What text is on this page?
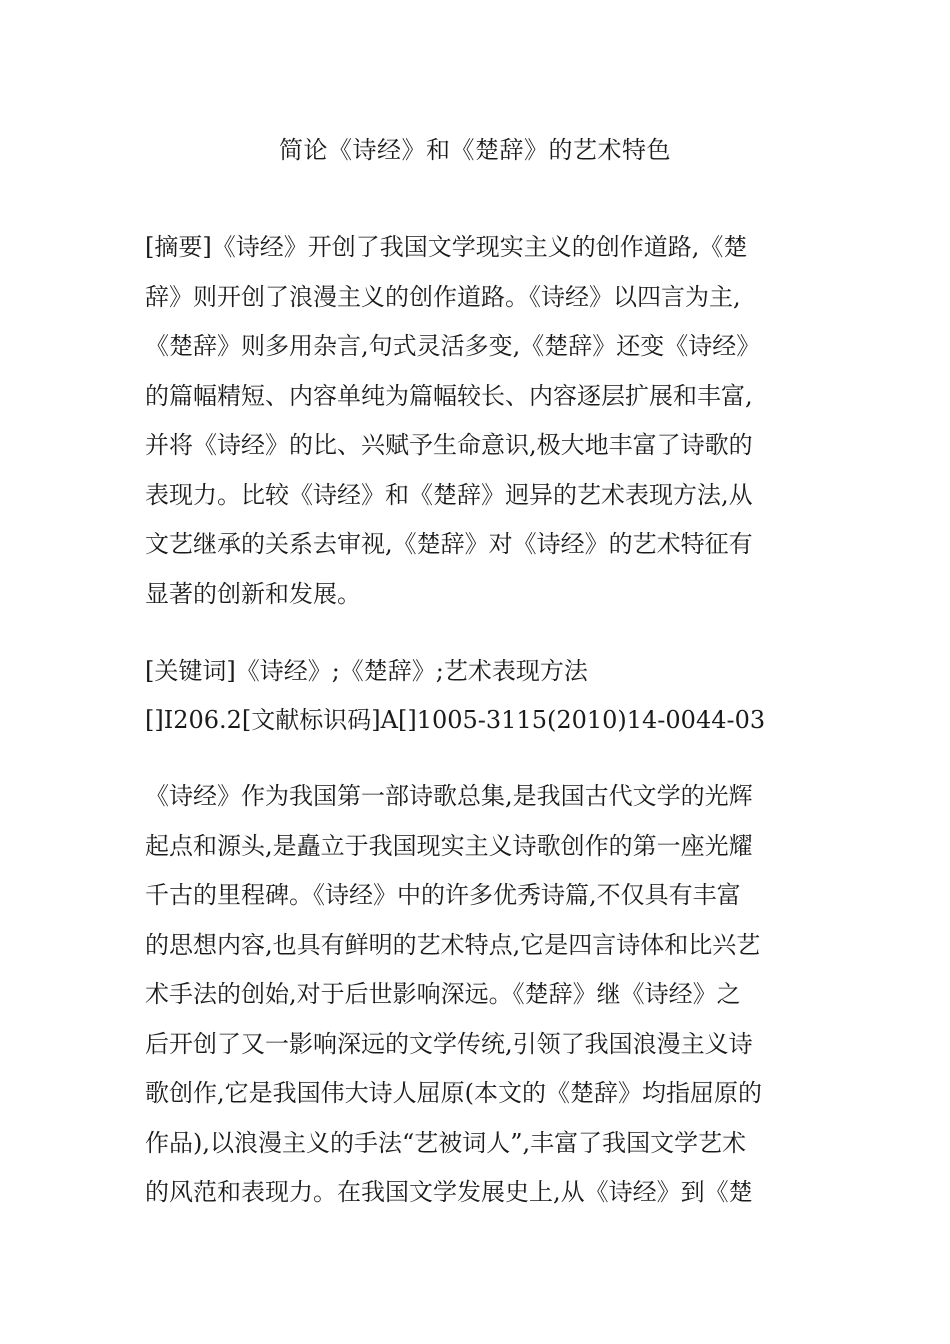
简论《诗经》和《楚辞》的艺术特色
[摘要]《诗经》开创了我国文学现实主义的创作道路,《楚
辞》则开创了浪漫主义的创作道路。《诗经》以四言为主,
《楚辞》则多用杂言,句式灵活多变,《楚辞》还变《诗经》
的篇幅精短、内容单纯为篇幅较长、内容逐层扩展和丰富,
并将《诗经》的比、兴赋予生命意识,极大地丰富了诗歌的
表现力。比较《诗经》和《楚辞》迥异的艺术表现方法,从
文艺继承的关系去审视,《楚辞》对《诗经》的艺术特征有
显著的创新和发展。
[关键词]《诗经》;《楚辞》;艺术表现方法
[]I206.2[文献标识码]A[]1005-3115(2010)14-0044-03
《诗经》作为我国第一部诗歌总集,是我国古代文学的光辉
起点和源头,是矗立于我国现实主义诗歌创作的第一座光耀
千古的里程碑。《诗经》中的许多优秀诗篇,不仅具有丰富
的思想内容,也具有鲜明的艺术特点,它是四言诗体和比兴艺
术手法的创始,对于后世影响深远。《楚辞》继《诗经》之
后开创了又一影响深远的文学传统,引领了我国浪漫主义诗
歌创作,它是我国伟大诗人屈原(本文的《楚辞》均指屈原的
作品),以浪漫主义的手法“艺被词人”,丰富了我国文学艺术
的风范和表现力。在我国文学发展史上,从《诗经》到《楚
